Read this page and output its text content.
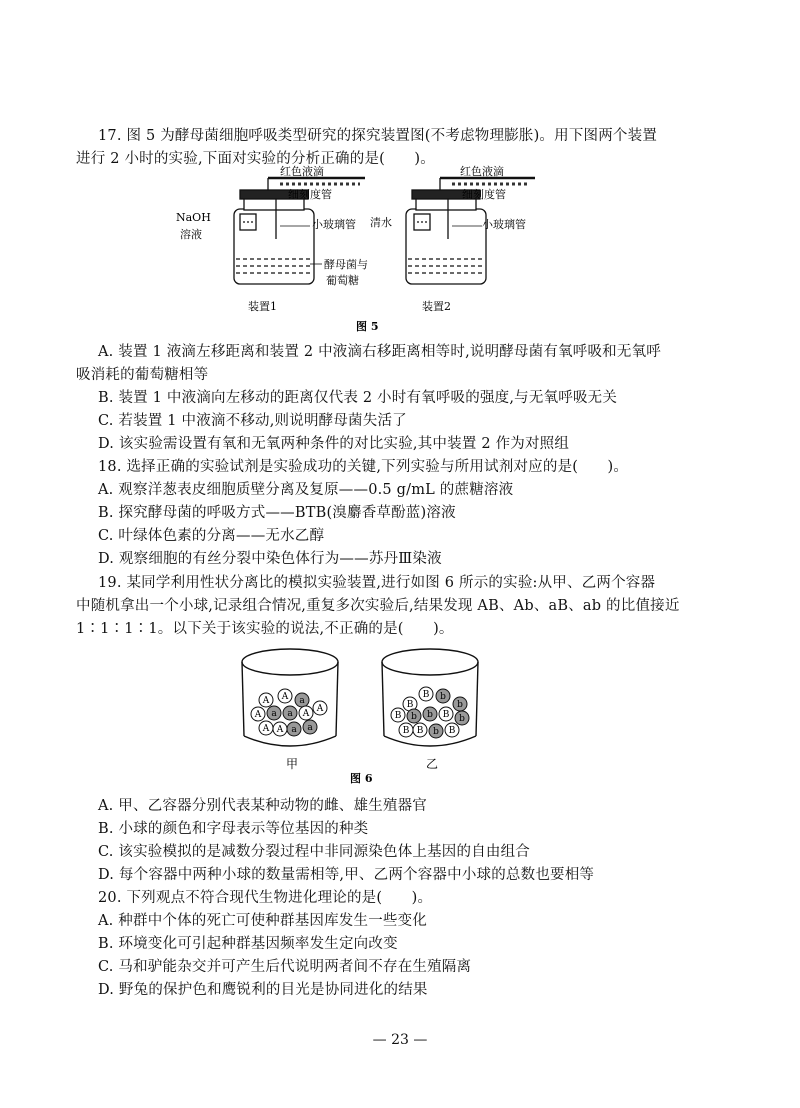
17. 图 5 为酵母菌细胞呼吸类型研究的探究装置图(不考虑物理膨胀)。用下图两个装置
进行 2 小时的实验,下面对实验的分析正确的是(　　)。
红色液滴
细刻度管
NaOH
溶液
小玻璃管
酵母菌与
葡萄糖
装置1
红色液滴
细刻度管
清水	小玻璃管
装置2
图 5
A. 装置 1 液滴左移距离和装置 2 中液滴右移距离相等时,说明酵母菌有氧呼吸和无氧呼
吸消耗的葡萄糖相等
B. 装置 1 中液滴向左移动的距离仅代表 2 小时有氧呼吸的强度,与无氧呼吸无关
C. 若装置 1 中液滴不移动,则说明酵母菌失活了
D. 该实验需设置有氧和无氧两种条件的对比实验,其中装置 2 作为对照组
18. 选择正确的实验试剂是实验成功的关键,下列实验与所用试剂对应的是(　　)。
A. 观察洋葱表皮细胞质壁分离及复原——0.5 g/mL 的蔗糖溶液
B. 探究酵母菌的呼吸方式——BTB(溴麝香草酚蓝)溶液
C. 叶绿体色素的分离——无水乙醇
D. 观察细胞的有丝分裂中染色体行为——苏丹Ⅲ染液
19. 某同学利用性状分离比的模拟实验装置,进行如图 6 所示的实验:从甲、乙两个容器
中随机拿出一个小球,记录组合情况,重复多次实验后,结果发现 AB、Ab、aB、ab 的比值接近
1∶1∶1∶1。以下关于该实验的说法,不正确的是(　　)。
A A a
A a a A A
A A a a
甲
B b
B	b
B b b B b
B B b B
乙
图 6
A. 甲、乙容器分别代表某种动物的雌、雄生殖器官
B. 小球的颜色和字母表示等位基因的种类
C. 该实验模拟的是减数分裂过程中非同源染色体上基因的自由组合
D. 每个容器中两种小球的数量需相等,甲、乙两个容器中小球的总数也要相等
20. 下列观点不符合现代生物进化理论的是(　　)。
A. 种群中个体的死亡可使种群基因库发生一些变化
B. 环境变化可引起种群基因频率发生定向改变
C. 马和驴能杂交并可产生后代说明两者间不存在生殖隔离
D. 野兔的保护色和鹰锐利的目光是协同进化的结果
— 23 —
